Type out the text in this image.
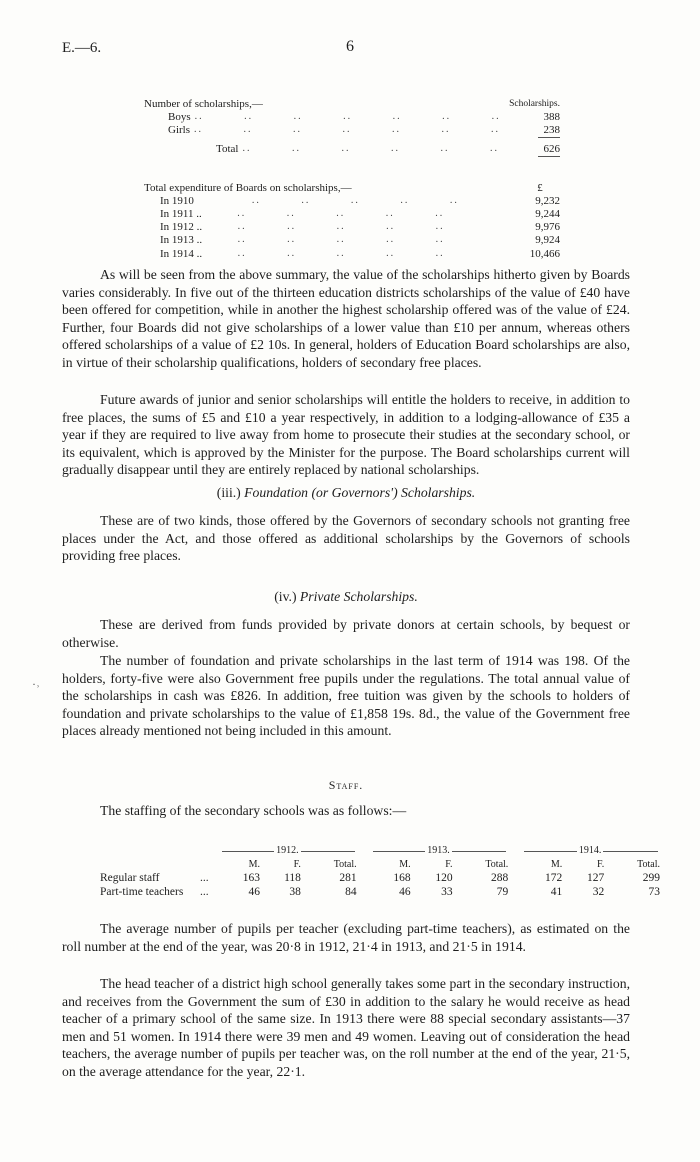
E.—6.	6
Number of scholarships,—	Scholarships.
Boys ..         ..         ..         ..         ..         ..         ..	388
Girls ..         ..         ..         ..         ..         ..         ..	238
Total ..         ..         ..         ..         ..         ..	626
Total expenditure of Boards on scholarships,—	£
In 1910 ..         ..         ..         ..         ..	9,232
In 1911 .. ..         ..         ..         ..         ..	9,244
In 1912 .. ..         ..         ..         ..         ..	9,976
In 1913 .. ..         ..         ..         ..         ..	9,924
In 1914 .. ..         ..         ..         ..         ..	10,466
As will be seen from the above summary, the value of the scholarships hitherto given by Boards varies considerably. In five out of the thirteen education districts scholarships of the value of £40 have been offered for competition, while in another the highest scholarship offered was of the value of £24. Further, four Boards did not give scholarships of a lower value than £10 per annum, whereas others offered scholarships of a value of £2 10s. In general, holders of Education Board scholarships are also, in virtue of their scholarship qualifications, holders of secondary free places.
Future awards of junior and senior scholarships will entitle the holders to receive, in addition to free places, the sums of £5 and £10 a year respectively, in addition to a lodging-allowance of £35 a year if they are required to live away from home to prosecute their studies at the secondary school, or its equivalent, which is approved by the Minister for the purpose. The Board scholarships current will gradually disappear until they are entirely replaced by national scholarships.
(iii.) Foundation (or Governors') Scholarships.
These are of two kinds, those offered by the Governors of secondary schools not granting free places under the Act, and those offered as additional scholarships by the Governors of schools providing free places.
(iv.) Private Scholarships.
These are derived from funds provided by private donors at certain schools, by bequest or otherwise.
The number of foundation and private scholarships in the last term of 1914 was 198. Of the holders, forty-five were also Government free pupils under the regulations. The total annual value of the scholarships in cash was £826. In addition, free tuition was given by the schools to holders of foundation and private scholarships to the value of £1,858 19s. 8d., the value of the Government free places already mentioned not being included in this amount.
·˒
Staff.
The staffing of the secondary schools was as follows:—
		1912.				1913.				1914.		
		M.	F.	Total.		M.	F.	Total.		M.	F.	Total.
Regular staff	...	163	118	281		168	120	288		172	127	299
Part-time teachers	...	46	38	84		46	33	79		41	32	73
The average number of pupils per teacher (excluding part-time teachers), as estimated on the roll number at the end of the year, was 20·8 in 1912, 21·4 in 1913, and 21·5 in 1914.
The head teacher of a district high school generally takes some part in the secondary instruction, and receives from the Government the sum of £30 in addition to the salary he would receive as head teacher of a primary school of the same size. In 1913 there were 88 special secondary assistants—37 men and 51 women. In 1914 there were 39 men and 49 women. Leaving out of consideration the head teachers, the average number of pupils per teacher was, on the roll number at the end of the year, 21·5, on the average attendance for the year, 22·1.
